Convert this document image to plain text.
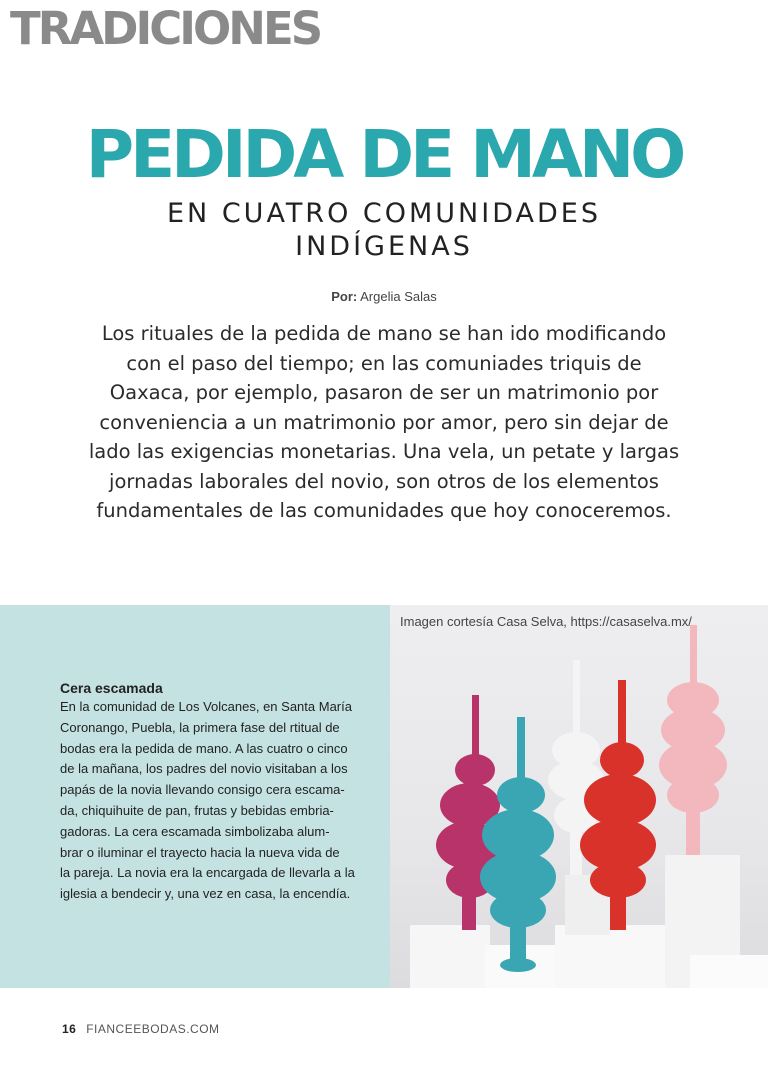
TRADICIONES
PEDIDA DE MANO
EN CUATRO COMUNIDADES
INDÍGENAS
Por: Argelia Salas
Los rituales de la pedida de mano se han ido modificando
con el paso del tiempo; en las comuniades triquis de
Oaxaca, por ejemplo, pasaron de ser un matrimonio por
conveniencia a un matrimonio por amor, pero sin dejar de
lado las exigencias monetarias. Una vela, un petate y largas
jornadas laborales del novio, son otros de los elementos
fundamentales de las comunidades que hoy conoceremos.
Cera escamada
En la comunidad de Los Volcanes, en Santa María
Coronango, Puebla, la primera fase del rtitual de
bodas era la pedida de mano. A las cuatro o cinco
de la mañana, los padres del novio visitaban a los
papás de la novia llevando consigo cera escama-
da, chiquihuite de pan, frutas y bebidas embria-
gadoras. La cera escamada simbolizaba alum-
brar o iluminar el trayecto hacia la nueva vida de
la pareja. La novia era la encargada de llevarla a la
iglesia a bendecir y, una vez en casa, la encendía.
Imagen cortesía Casa Selva, https://casaselva.mx/
16 FIANCEEBODAS.COM
